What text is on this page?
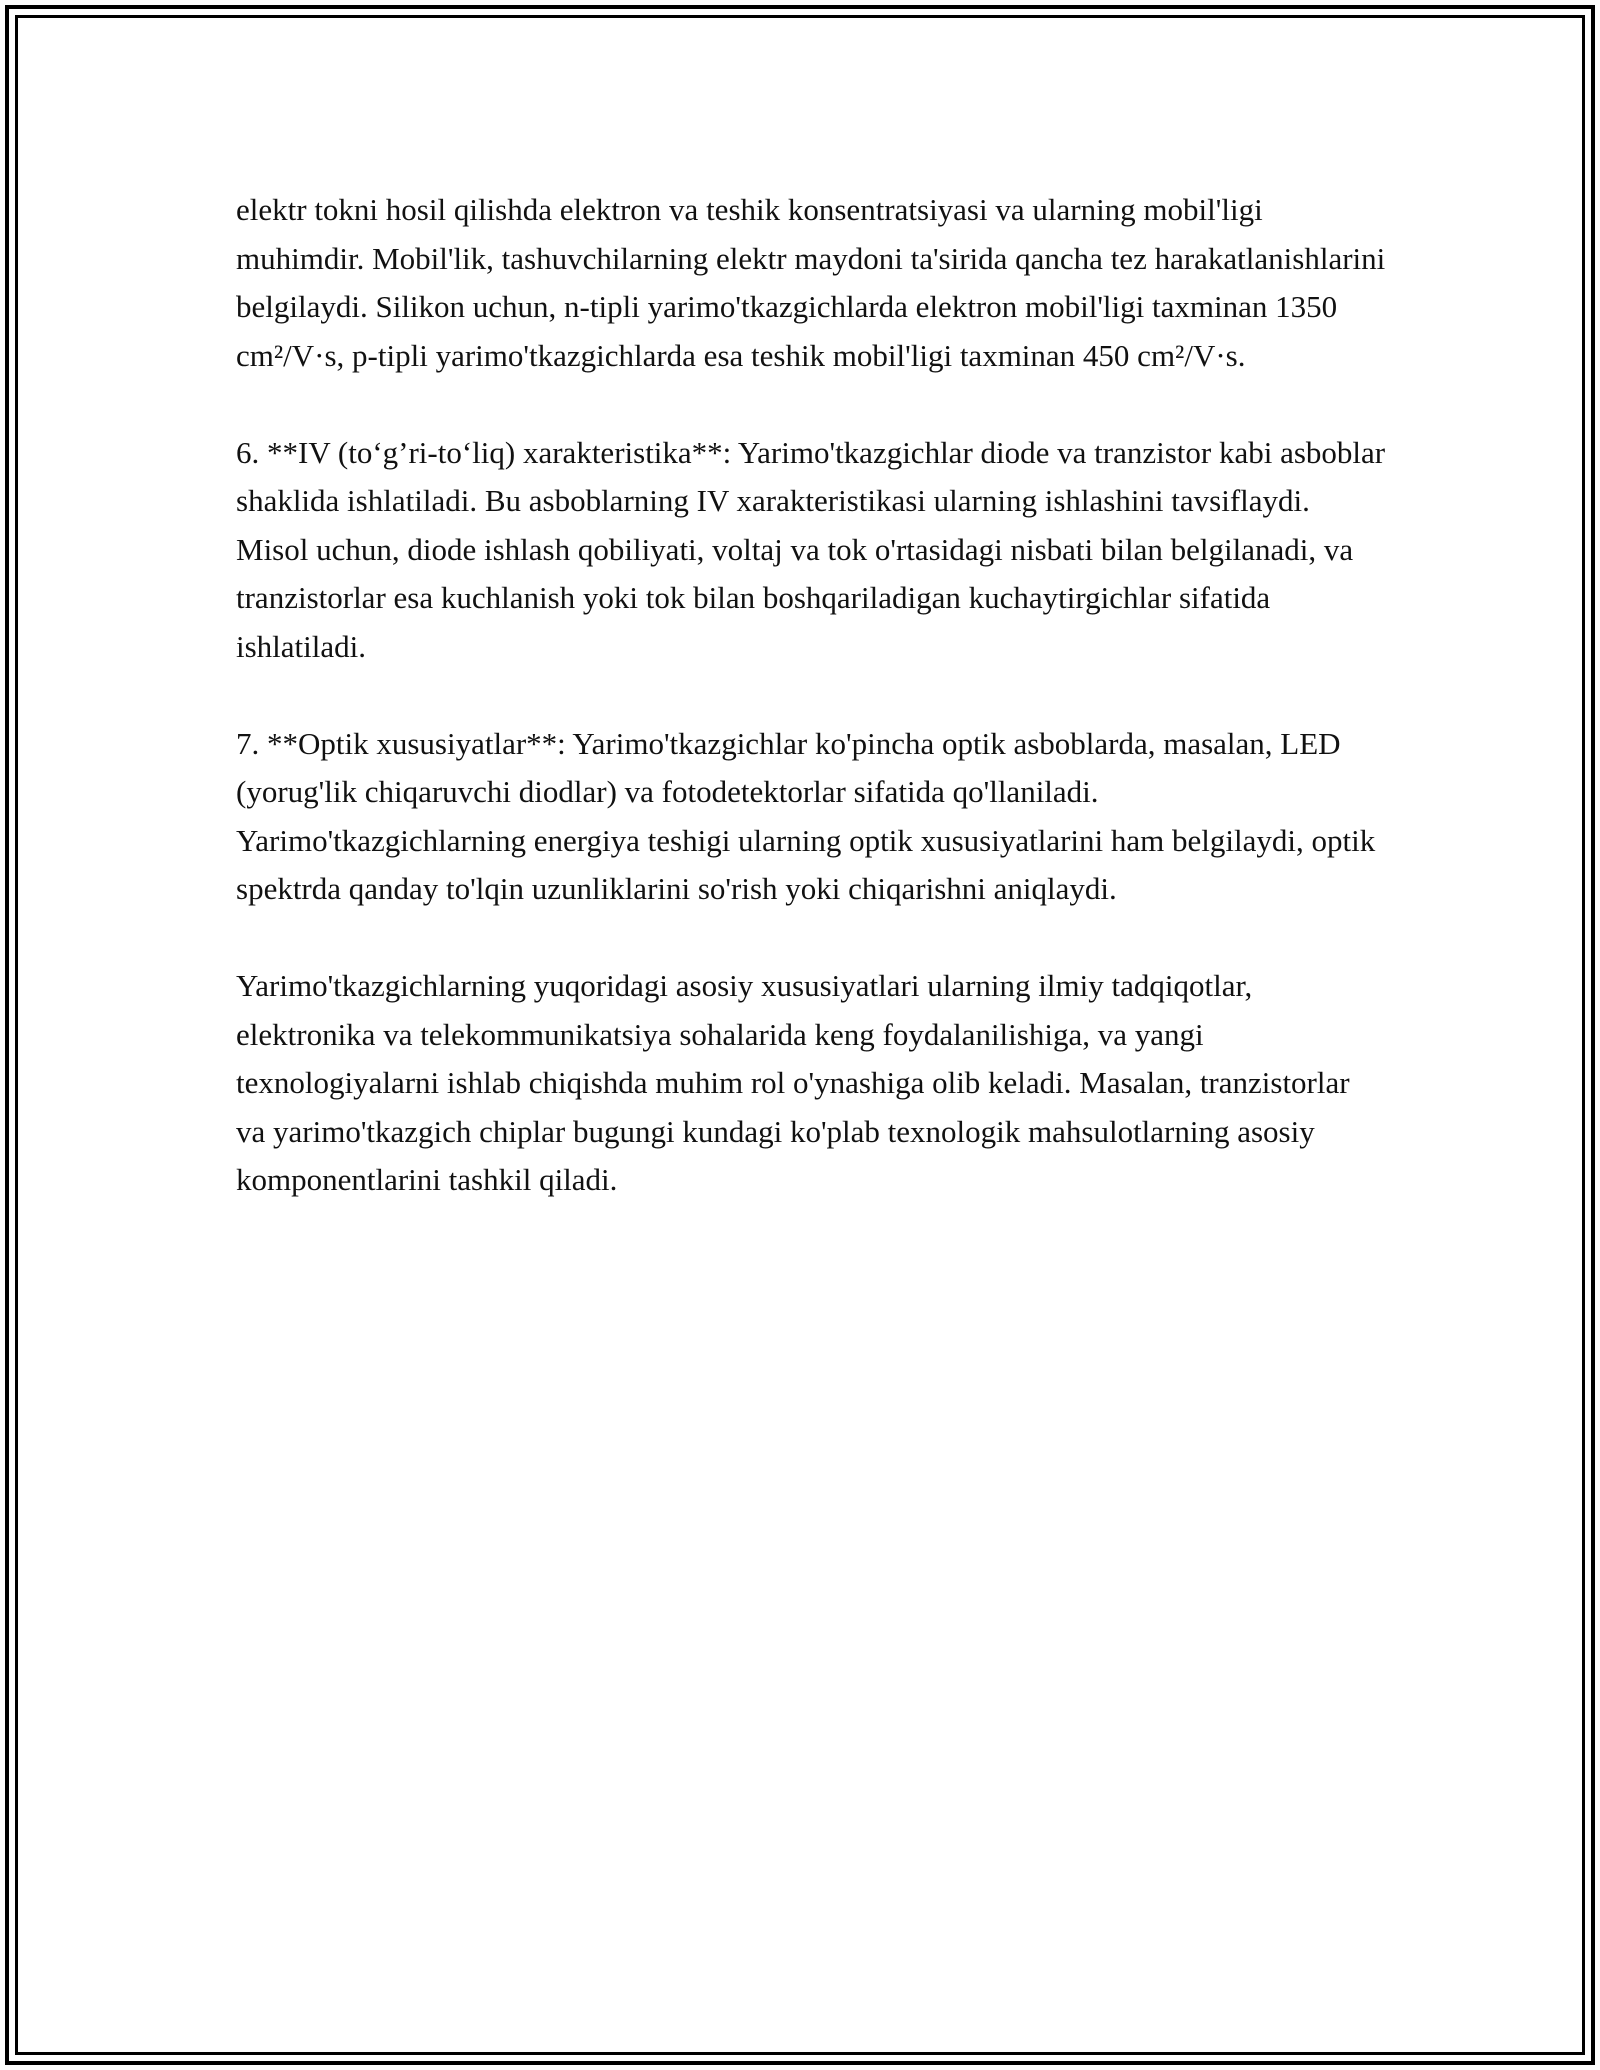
elektr tokni hosil qilishda elektron va teshik konsentratsiyasi va ularning mobil'ligi muhimdir. Mobil'lik, tashuvchilarning elektr maydoni ta'sirida qancha tez harakatlanishlarini belgilaydi. Silikon uchun, n-tipli yarimo'tkazgichlarda elektron mobil'ligi taxminan 1350 cm²/V·s, p-tipli yarimo'tkazgichlarda esa teshik mobil'ligi taxminan 450 cm²/V·s.

6. **IV (to‘g’ri-to‘liq) xarakteristika**: Yarimo'tkazgichlar diode va tranzistor kabi asboblar shaklida ishlatiladi. Bu asboblarning IV xarakteristikasi ularning ishlashini tavsiflaydi. Misol uchun, diode ishlash qobiliyati, voltaj va tok o'rtasidagi nisbati bilan belgilanadi, va tranzistorlar esa kuchlanish yoki tok bilan boshqariladigan kuchaytirgichlar sifatida ishlatiladi.

7. **Optik xususiyatlar**: Yarimo'tkazgichlar ko'pincha optik asboblarda, masalan, LED (yorug'lik chiqaruvchi diodlar) va fotodetektorlar sifatida qo'llaniladi. Yarimo'tkazgichlarning energiya teshigi ularning optik xususiyatlarini ham belgilaydi, optik spektrda qanday to'lqin uzunliklarini so'rish yoki chiqarishni aniqlaydi.

Yarimo'tkazgichlarning yuqoridagi asosiy xususiyatlari ularning ilmiy tadqiqotlar, elektronika va telekommunikatsiya sohalarida keng foydalanilishiga, va yangi texnologiyalarni ishlab chiqishda muhim rol o'ynashiga olib keladi. Masalan, tranzistorlar va yarimo'tkazgich chiplar bugungi kundagi ko'plab texnologik mahsulotlarning asosiy komponentlarini tashkil qiladi.
